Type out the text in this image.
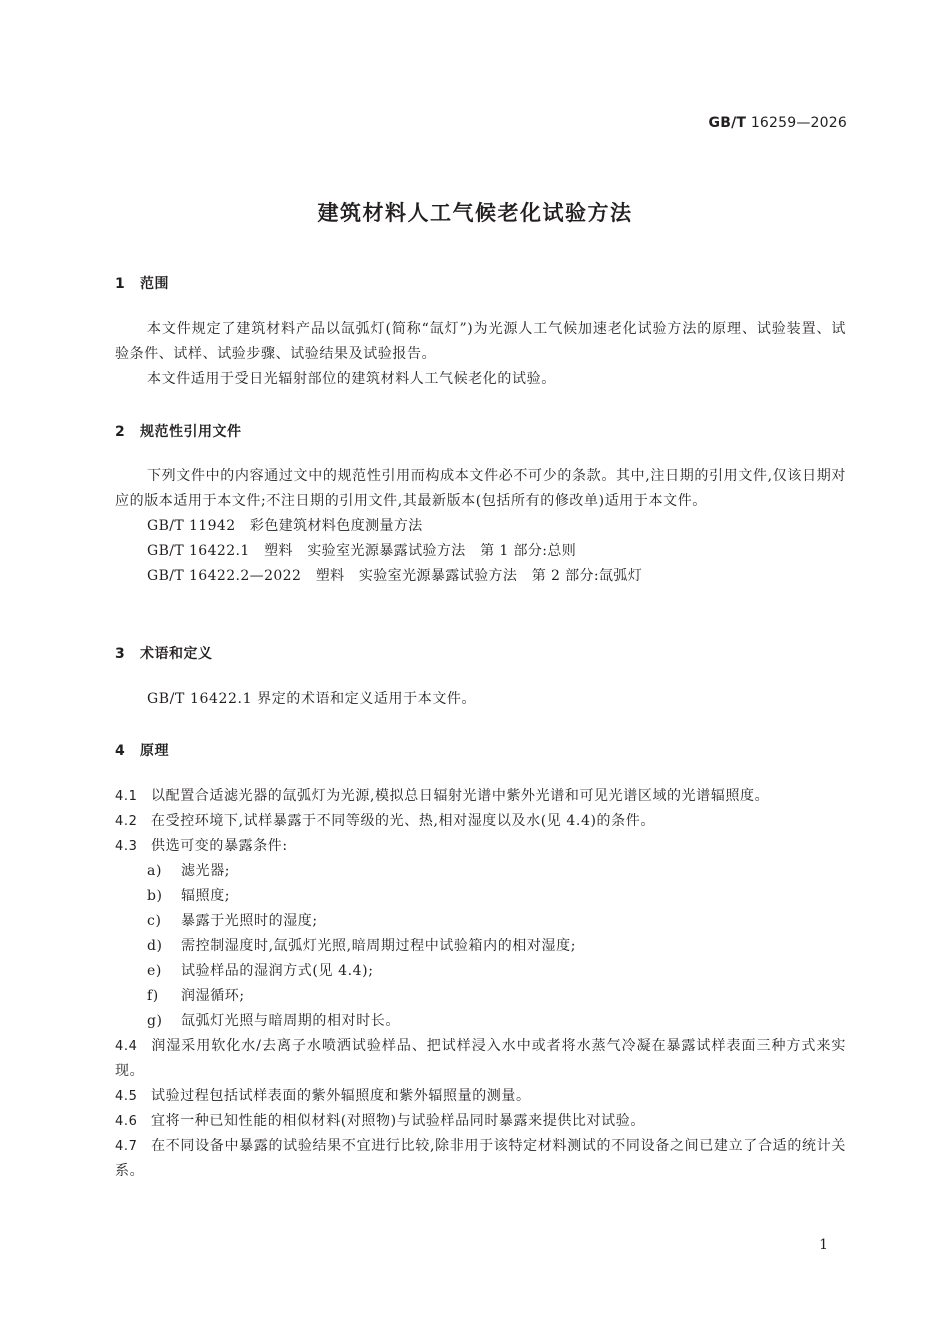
GB/T 16259—2026
建筑材料人工气候老化试验方法
1 范围
本文件规定了建筑材料产品以氙弧灯(简称“氙灯”)为光源人工气候加速老化试验方法的原理、试验装置、试验条件、试样、试验步骤、试验结果及试验报告。
本文件适用于受日光辐射部位的建筑材料人工气候老化的试验。
2 规范性引用文件
下列文件中的内容通过文中的规范性引用而构成本文件必不可少的条款。其中,注日期的引用文件,仅该日期对应的版本适用于本文件;不注日期的引用文件,其最新版本(包括所有的修改单)适用于本文件。
GB/T 11942　彩色建筑材料色度测量方法
GB/T 16422.1　塑料　实验室光源暴露试验方法　第 1 部分:总则
GB/T 16422.2—2022　塑料　实验室光源暴露试验方法　第 2 部分:氙弧灯
3 术语和定义
GB/T 16422.1 界定的术语和定义适用于本文件。
4 原理
4.1 以配置合适滤光器的氙弧灯为光源,模拟总日辐射光谱中紫外光谱和可见光谱区域的光谱辐照度。
4.2 在受控环境下,试样暴露于不同等级的光、热,相对湿度以及水(见 4.4)的条件。
4.3 供选可变的暴露条件:
a) 滤光器;
b) 辐照度;
c) 暴露于光照时的湿度;
d) 需控制湿度时,氙弧灯光照,暗周期过程中试验箱内的相对湿度;
e) 试验样品的湿润方式(见 4.4);
f) 润湿循环;
g) 氙弧灯光照与暗周期的相对时长。
4.4 润湿采用软化水/去离子水喷洒试验样品、把试样浸入水中或者将水蒸气冷凝在暴露试样表面三种方式来实现。
4.5 试验过程包括试样表面的紫外辐照度和紫外辐照量的测量。
4.6 宜将一种已知性能的相似材料(对照物)与试验样品同时暴露来提供比对试验。
4.7 在不同设备中暴露的试验结果不宜进行比较,除非用于该特定材料测试的不同设备之间已建立了合适的统计关系。
1
